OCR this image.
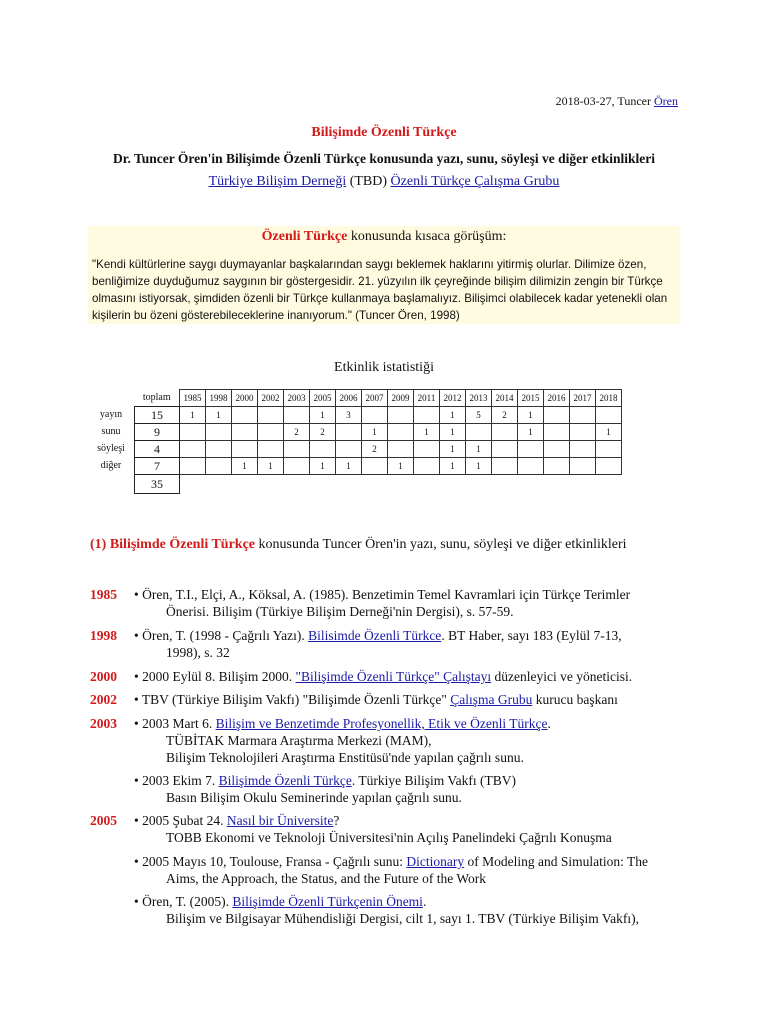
2018-03-27, Tuncer Ören
Bilişimde Özenli Türkçe
Dr. Tuncer Ören'in Bilişimde Özenli Türkçe konusunda yazı, sunu, söyleşi ve diğer etkinlikleri
Türkiye Bilişim Derneği (TBD) Özenli Türkçe Çalışma Grubu
Özenli Türkçe konusunda kısaca görüşüm:
"Kendi kültürlerine saygı duymayanlar başkalarından saygı beklemek haklarını yitirmiş olurlar. Dilimize özen, benliğimize duyduğumuz saygının bir göstergesidir. 21. yüzyılın ilk çeyreğinde bilişim dilimizin zengin bir Türkçe olmasını istiyorsak, şimdiden özenli bir Türkçe kullanmaya başlamalıyız. Bilişimci olabilecek kadar yetenekli olan kişilerin bu özeni gösterebileceklerine inanıyorum." (Tuncer Ören, 1998)
Etkinlik istatistiği
	toplam	1985	1998	2000	2002	2003	2005	2006	2007	2009	2011	2012	2013	2014	2015	2016	2017	2018
yayın	15	1	1				1	3				1	5	2	1			
sunu	9					2	2		1		1	1			1			1
söyleşi	4								2			1	1					
diğer	7			1	1		1	1		1		1	1					
	35																	
(1) Bilişimde Özenli Türkçe konusunda Tuncer Ören'in yazı, sunu, söyleşi ve diğer etkinlikleri
1985	• Ören, T.I., Elçi, A., Köksal, A. (1985). Benzetimin Temel Kavramlari için Türkçe Terimler
Önerisi. Bilişim (Türkiye Bilişim Derneği'nin Dergisi), s. 57-59.
1998	• Ören, T. (1998 - Çağrılı Yazı). Bilisimde Özenli Türkce. BT Haber, sayı 183 (Eylül 7-13,
1998), s. 32
2000	• 2000 Eylül 8. Bilişim 2000. "Bilişimde Özenli Türkçe" Çalıştayı düzenleyici ve yöneticisi.
2002	• TBV (Türkiye Bilişim Vakfı) "Bilişimde Özenli Türkçe" Çalışma Grubu kurucu başkanı
2003	• 2003 Mart 6. Bilişim ve Benzetimde Profesyonellik, Etik ve Özenli Türkçe.
TÜBİTAK Marmara Araştırma Merkezi (MAM),
Bilişim Teknolojileri Araştırma Enstitüsü'nde yapılan çağrılı sunu.
• 2003 Ekim 7. Bilişimde Özenli Türkçe. Türkiye Bilişim Vakfı (TBV)
Basın Bilişim Okulu Seminerinde yapılan çağrılı sunu.
2005	• 2005 Şubat 24. Nasıl bir Üniversite?
TOBB Ekonomi ve Teknoloji Üniversitesi'nin Açılış Panelindeki Çağrılı Konuşma
• 2005 Mayıs 10, Toulouse, Fransa - Çağrılı sunu: Dictionary of Modeling and Simulation: The
Aims, the Approach, the Status, and the Future of the Work
• Ören, T. (2005). Bilişimde Özenli Türkçenin Önemi.
Bilişim ve Bilgisayar Mühendisliği Dergisi, cilt 1, sayı 1. TBV (Türkiye Bilişim Vakfı),
